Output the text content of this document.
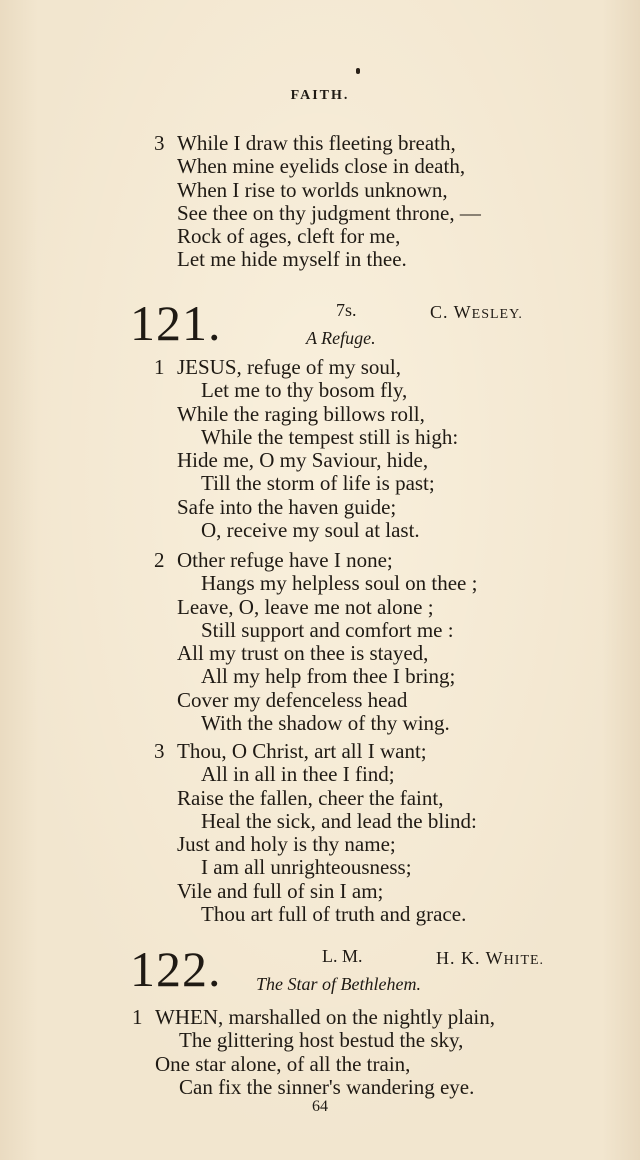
FAITH.
3 While I draw this fleeting breath,
When mine eyelids close in death,
When I rise to worlds unknown,
See thee on thy judgment throne, —
Rock of ages, cleft for me,
Let me hide myself in thee.
121.	7s.	C. WESLEY.
A Refuge.
1 JESUS, refuge of my soul,
Let me to thy bosom fly,
While the raging billows roll,
While the tempest still is high:
Hide me, O my Saviour, hide,
Till the storm of life is past;
Safe into the haven guide;
O, receive my soul at last.
2 Other refuge have I none;
Hangs my helpless soul on thee ;
Leave, O, leave me not alone ;
Still support and comfort me :
All my trust on thee is stayed,
All my help from thee I bring;
Cover my defenceless head
With the shadow of thy wing.
3 Thou, O Christ, art all I want;
All in all in thee I find;
Raise the fallen, cheer the faint,
Heal the sick, and lead the blind:
Just and holy is thy name;
I am all unrighteousness;
Vile and full of sin I am;
Thou art full of truth and grace.
122.	L. M.	H. K. WHITE.
The Star of Bethlehem.
1 WHEN, marshalled on the nightly plain,
The glittering host bestud the sky,
One star alone, of all the train,
Can fix the sinner's wandering eye.
64
